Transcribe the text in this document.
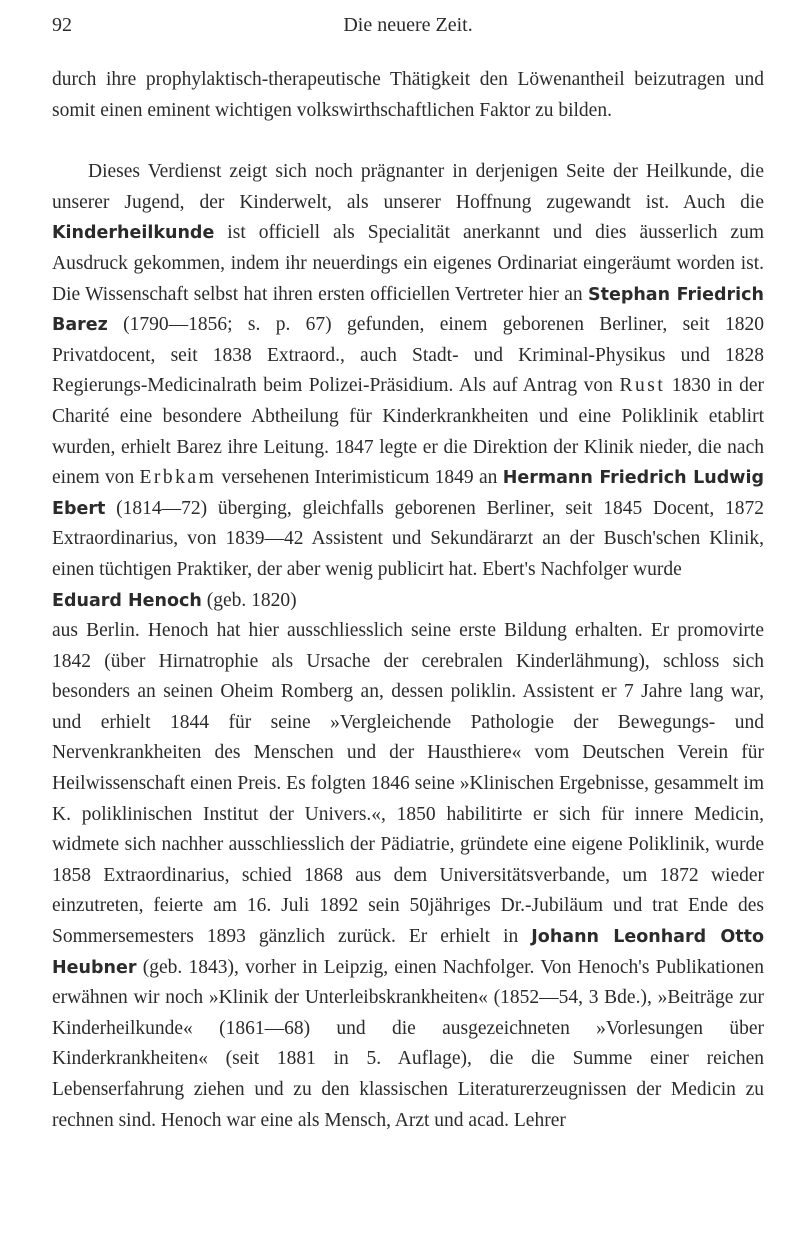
92	Die neuere Zeit.

durch ihre prophylaktisch-therapeutische Thätigkeit den Löwenantheil beizutragen und somit einen eminent wichtigen volkswirthschaftlichen Faktor zu bilden.

Dieses Verdienst zeigt sich noch prägnanter in derjenigen Seite der Heilkunde, die unserer Jugend, der Kinderwelt, als unserer Hoffnung zugewandt ist. Auch die Kinderheilkunde ist officiell als Specialität anerkannt und dies äusserlich zum Ausdruck gekommen, indem ihr neuerdings ein eigenes Ordinariat eingeräumt worden ist. Die Wissenschaft selbst hat ihren ersten officiellen Vertreter hier an Stephan Friedrich Barez (1790—1856; s. p. 67) gefunden, einem geborenen Berliner, seit 1820 Privatdocent, seit 1838 Extraord., auch Stadt- und Kriminal-Physikus und 1828 Regierungs-Medicinalrath beim Polizei-Präsidium. Als auf Antrag von Rust 1830 in der Charité eine besondere Abtheilung für Kinderkrankheiten und eine Poliklinik etablirt wurden, erhielt Barez ihre Leitung. 1847 legte er die Direktion der Klinik nieder, die nach einem von Erbkam versehenen Interimisticum 1849 an Hermann Friedrich Ludwig Ebert (1814—72) überging, gleichfalls geborenen Berliner, seit 1845 Docent, 1872 Extraordinarius, von 1839—42 Assistent und Sekundärarzt an der Busch'schen Klinik, einen tüchtigen Praktiker, der aber wenig publicirt hat. Ebert's Nachfolger wurde

Eduard Henoch (geb. 1820)

aus Berlin. Henoch hat hier ausschliesslich seine erste Bildung erhalten. Er promovirte 1842 (über Hirnatrophie als Ursache der cerebralen Kinderlähmung), schloss sich besonders an seinen Oheim Romberg an, dessen poliklin. Assistent er 7 Jahre lang war, und erhielt 1844 für seine »Vergleichende Pathologie der Bewegungs- und Nervenkrankheiten des Menschen und der Hausthiere« vom Deutschen Verein für Heilwissenschaft einen Preis. Es folgten 1846 seine »Klinischen Ergebnisse, gesammelt im K. poliklinischen Institut der Univers.«, 1850 habilitirte er sich für innere Medicin, widmete sich nachher ausschliesslich der Pädiatrie, gründete eine eigene Poliklinik, wurde 1858 Extraordinarius, schied 1868 aus dem Universitätsverbande, um 1872 wieder einzutreten, feierte am 16. Juli 1892 sein 50jähriges Dr.-Jubiläum und trat Ende des Sommersemesters 1893 gänzlich zurück. Er erhielt in Johann Leonhard Otto Heubner (geb. 1843), vorher in Leipzig, einen Nachfolger. Von Henoch's Publikationen erwähnen wir noch »Klinik der Unterleibskrankheiten« (1852—54, 3 Bde.), »Beiträge zur Kinderheilkunde« (1861—68) und die ausgezeichneten »Vorlesungen über Kinderkrankheiten« (seit 1881 in 5. Auflage), die die Summe einer reichen Lebenserfahrung ziehen und zu den klassischen Literaturerzeugnissen der Medicin zu rechnen sind. Henoch war eine als Mensch, Arzt und acad. Lehrer
